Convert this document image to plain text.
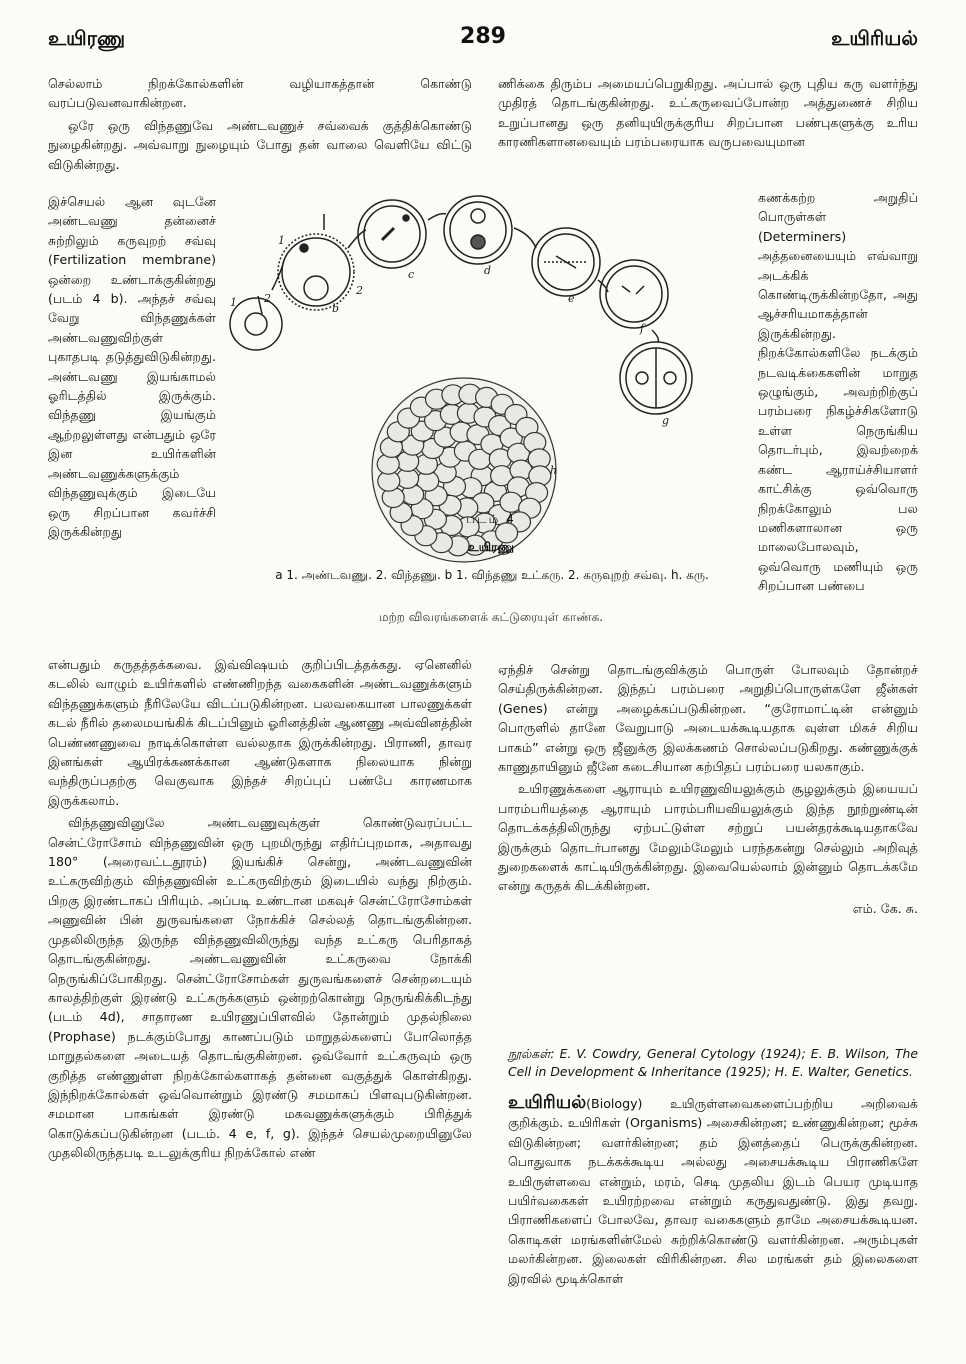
உயிரணு	289	உயிரியல்

செல்லாம் நிறக்கோல்களின் வழியாகத்தான் கொண்டு வரப்படுவனவாகின்றன.

ஒரே ஒரு விந்தணுவே அண்டவணுச் சவ்வைக் குத்திக்கொண்டு நுழைகின்றது. அவ்வாறு நுழையும் போது தன் வாலை வெளியே விட்டு விடுகின்றது.

இச்செயல் ஆன வுடனே அண்டவணு தன்னைச் சுற்றிலும் கருவுறற் சவ்வு (Fertilization membrane) ஒன்றை உண்டாக்குகின்றது (படம் 4 b). அந்தச் சவ்வு வேறு விந்தணுக்கள் அண்டவணுவிற்குள் புகாதபடி தடுத்துவிடுகின்றது. அண்டவணு இயங்காமல் ஓரிடத்தில் இருக்கும். விந்தணு இயங்கும் ஆற்றலுள்ளது என்பதும் ஒரே இன உயிர்களின் அண்டவணுக்களுக்கும் விந்தணுவுக்கும் இடையே ஒரு சிறப்பான கவர்ச்சி இருக்கின்றது

என்பதும் கருதத்தக்கவை. இவ்விஷயம் குறிப்பிடத்தக்கது. ஏனெனில் கடலில் வாழும் உயிர்களில் எண்ணிறந்த வகைகளின் அண்டவணுக்களும் விந்தணுக்களும் நீரிலேயே விடப்படுகின்றன. பலவகையான பாலணுக்கள் கடல் நீரில் தலைமயங்கிக் கிடப்பினும் ஓரினத்தின் ஆணணு அவ்வினத்தின் பெண்ணணுவை நாடிக்கொள்ள வல்லதாக இருக்கின்றது. பிராணி, தாவர இனங்கள் ஆயிரக்கணக்கான ஆண்டுகளாக நிலையாக நின்று வந்திருப்பதற்கு வெகுவாக இந்தச் சிறப்புப் பண்பே காரணமாக இருக்கலாம்.

விந்தணுவினுலே அண்டவணுவுக்குள் கொண்டுவரப்பட்ட சென்ட்ரோசோம் விந்தணுவின் ஒரு புறமிருந்து எதிர்ப்புறமாக, அதாவது 180° (அரைவட்டதூரம்) இயங்கிச் சென்று, அண்டவணுவின் உட்கருவிற்கும் விந்தணுவின் உட்கருவிற்கும் இடையில் வந்து நிற்கும். பிறகு இரண்டாகப் பிரியும். அப்படி உண்டான மகவுச் சென்ட்ரோசோம்கள் அணுவின் பின் துருவங்களை நோக்கிச் செல்லத் தொடங்குகின்றன. முதலிலிருந்த இருந்த விந்தணுவிலிருந்து வந்த உட்கரு பெரிதாகத் தொடங்குகின்றது. அண்டவணுவின் உட்கருவை நோக்கி நெருங்கிப்போகிறது. சென்ட்ரோசோம்கள் துருவங்களைச் சென்றடையும் காலத்திற்குள் இரண்டு உட்கருக்களும் ஒன்றற்கொன்று நெருங்கிக்கிடந்து (படம் 4d), சாதாரண உயிரணுப்பிளவில் தோன்றும் முதல்நிலை (Prophase) நடக்கும்போது காணப்படும் மாறுதல்களைப் போலொத்த மாறுதல்களை அடையத் தொடங்குகின்றன. ஒவ்வோர் உட்கருவும் ஒரு குறித்த எண்ணுள்ள நிறக்கோல்களாகத் தன்னை வகுத்துக் கொள்கிறது. இந்நிறக்கோல்கள் ஒவ்வொன்றும் இரண்டு சமமாகப் பிளவுபடுகின்றன. சமமான பாகங்கள் இரண்டு மகவணுக்களுக்கும் பிரித்துக் கொடுக்கப்படுகின்றன (படம். 4 e, f, g). இந்தச் செயல்முறையினுலே முதலிலிருந்தபடி உடலுக்குரிய நிறக்கோல் எண்

ணிக்கை திரும்ப அமையப்பெறுகிறது. அப்பால் ஒரு புதிய கரு வளர்ந்து முதிரத் தொடங்குகின்றது. உட்கருவைப்போன்ற அத்துணைச் சிறிய உறுப்பானது ஒரு தனியுயிருக்குரிய சிறப்பான பண்புகளுக்கு உரிய காரணிகளானவையும் பரம்பரையாக வருபவையுமான

கணக்கற்ற அறுதிப் பொருள்கள் (Determiners) அத்தனையையும் எவ்வாறு அடக்கிக் கொண்டிருக்கின்றதோ, அது ஆச்சரியமாகத்தான் இருக்கின்றது. நிறக்கோல்களிலே நடக்கும் நடவடிக்கைகளின் மாறுத ஒழுங்கும், அவற்றிற்குப் பரம்பரை நிகழ்ச்சிகளோடு உள்ள நெருங்கிய தொடர்பும், இவற்றைக் கண்ட ஆராய்ச்சியாளர் காட்சிக்கு ஒவ்வொரு நிறக்கோலும் பல மணிகளாலான ஒரு மாலைபோலவும், ஒவ்வொரு மணியும் ஒரு சிறப்பான பண்பை

ஏந்திச் சென்று தொடங்குவிக்கும் பொருள் போலவும் தோன்றச் செய்திருக்கின்றன. இந்தப் பரம்பரை அறுதிப்பொருள்களே ஜீன்கள் (Genes) என்று அழைக்கப்படுகின்றன. “குரோமாட்டின் என்னும் பொருளில் தானே வேறுபாடு அடையக்கூடியதாக வுள்ள மிகச் சிறிய பாகம்” என்று ஒரு ஜீனுக்கு இலக்கணம் சொல்லப்படுகிறது. கண்ணுக்குக் காணுதாயினும் ஜீனே கடைசியான கற்பிதப் பரம்பரை யலகாகும்.

உயிரணுக்களை ஆராயும் உயிரணுவியலுக்கும் சூழலுக்கும் இயையப் பாரம்பரியத்தை ஆராயும் பாரம்பரியவியலுக்கும் இந்த நூற்றுண்டின் தொடக்கத்திலிருந்து ஏற்பட்டுள்ள சற்றுப் பயன்தரக்கூடியதாகவே இருக்கும் தொடர்பானது மேலும்மேலும் பரந்தகன்று செல்லும் அறிவுத் துறைகளைக் காட்டியிருக்கின்றது. இவையெல்லாம் இன்னும் தொடக்கமே என்று கருதக் கிடக்கின்றன.

எம். கே. சு.

நூல்கள்: E. V. Cowdry, General Cytology (1924); E. B. Wilson, The Cell in Development & Inheritance (1925); H. E. Walter, Genetics.

உயிரியல்(Biology) உயிருள்ளவைகளைப்பற்றிய அறிவைக் குறிக்கும். உயிரிகள் (Organisms) அசைகின்றன; உண்ணுகின்றன; மூச்சு விடுகின்றன; வளர்கின்றன; தம் இனத்தைப் பெருக்குகின்றன. பொதுவாக நடக்கக்கூடிய அல்லது அசையக்கூடிய பிராணிகளே உயிருள்ளவை என்றும், மரம், செடி முதலிய இடம் பெயர முடியாத பயிர்வகைகள் உயிரற்றவை என்றும் கருதுவதுண்டு. இது தவறு. பிராணிகளைப் போலவே, தாவர வகைகளும் தாமே அசையக்கூடியன. கொடிகள் மரங்களின்மேல் சுற்றிக்கொண்டு வளர்கின்றன. அரும்புகள் மலர்கின்றன. இலைகள் விரிகின்றன. சில மரங்கள் தம் இலைகளை இரவில் மூடிக்கொள்

1 2
1
2
b
c	d
e
f
g
h
படம் 4
உயிரணு
a 1. அண்டவணு. 2. விந்தணு. b 1. விந்தணு உட்கரு. 2. கருவுறற் சவ்வு. h. கரு.
மற்ற விவரங்களைக் கட்டுரையுள் காண்க.
